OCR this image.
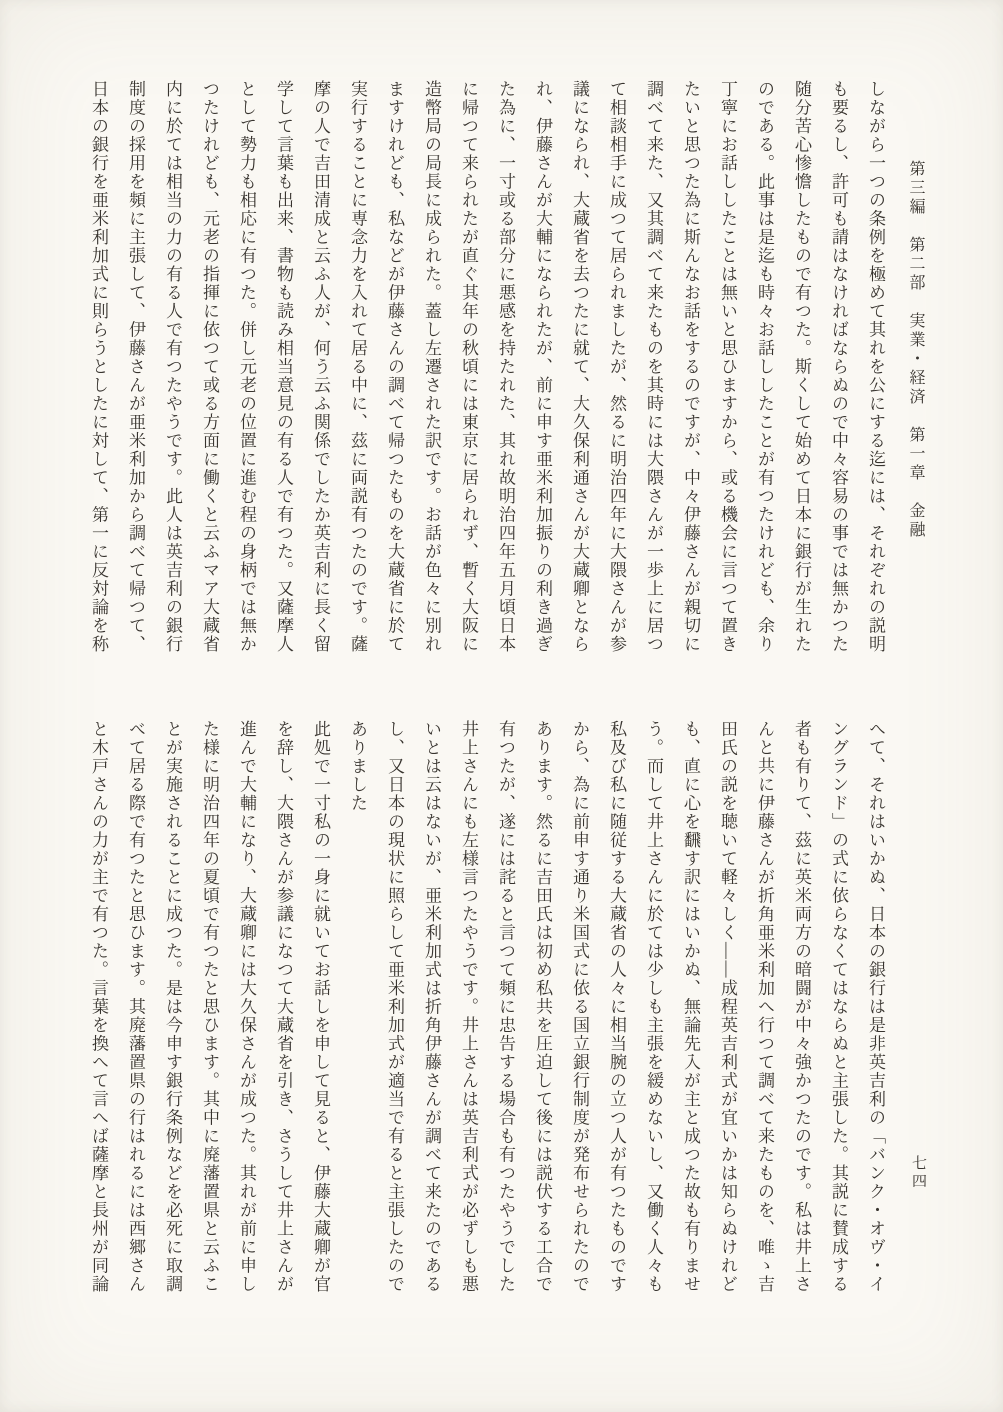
第三編　第二部　実業・経済　第一章　金融
しながら一つの条例を極めて其れを公にする迄には、それぞれの説明
も要るし、許可も請はなければならぬので中々容易の事では無かつた
随分苦心惨憺したもので有つた。斯くして始めて日本に銀行が生れた
のである。此事は是迄も時々お話ししたことが有つたけれども、余り
丁寧にお話ししたことは無いと思ひますから、或る機会に言つて置き
たいと思つた為に斯んなお話をするのですが、中々伊藤さんが親切に
調べて来た、又其調べて来たものを其時には大隈さんが一歩上に居つ
て相談相手に成つて居られましたが、然るに明治四年に大隈さんが参
議になられ、大蔵省を去つたに就て、大久保利通さんが大蔵卿となら
れ、伊藤さんが大輔になられたが、前に申す亜米利加振りの利き過ぎ
た為に、一寸或る部分に悪感を持たれた、其れ故明治四年五月頃日本
に帰つて来られたが直ぐ其年の秋頃には東京に居られず、暫く大阪に
造幣局の局長に成られた。蓋し左遷された訳です。お話が色々に別れ
ますけれども、私などが伊藤さんの調べて帰つたものを大蔵省に於て
実行することに専念力を入れて居る中に、茲に両説有つたのです。薩
摩の人で吉田清成と云ふ人が、何う云ふ関係でしたか英吉利に長く留
学して言葉も出来、書物も読み相当意見の有る人で有つた。又薩摩人
として勢力も相応に有つた。併し元老の位置に進む程の身柄では無か
つたけれども、元老の指揮に依つて或る方面に働くと云ふマア大蔵省
内に於ては相当の力の有る人で有つたやうです。此人は英吉利の銀行
制度の採用を頻に主張して、伊藤さんが亜米利加から調べて帰つて、
日本の銀行を亜米利加式に則らうとしたに対して、第一に反対論を称
へて、それはいかぬ、日本の銀行は是非英吉利の「バンク・オヴ・イ
ングランド」の式に依らなくてはならぬと主張した。其説に賛成する
者も有りて、茲に英米両方の暗闘が中々強かつたのです。私は井上さ
んと共に伊藤さんが折角亜米利加へ行つて調べて来たものを、唯ゝ吉
田氏の説を聴いて軽々しく――成程英吉利式が宜いかは知らぬけれど
も、直に心を飜す訳にはいかぬ、無論先入が主と成つた故も有りませ
う。而して井上さんに於ては少しも主張を緩めないし、又働く人々も
私及び私に随従する大蔵省の人々に相当腕の立つ人が有つたものです
から、為に前申す通り米国式に依る国立銀行制度が発布せられたので
あります。然るに吉田氏は初め私共を圧迫して後には説伏する工合で
有つたが、遂には詫ると言つて頻に忠告する場合も有つたやうでした
井上さんにも左様言つたやうです。井上さんは英吉利式が必ずしも悪
いとは云はないが、亜米利加式は折角伊藤さんが調べて来たのである
し、又日本の現状に照らして亜米利加式が適当で有ると主張したので
ありました
此処で一寸私の一身に就いてお話しを申して見ると、伊藤大蔵卿が官
を辞し、大隈さんが参議になつて大蔵省を引き、さうして井上さんが
進んで大輔になり、大蔵卿には大久保さんが成つた。其れが前に申し
た様に明治四年の夏頃で有つたと思ひます。其中に廃藩置県と云ふこ
とが実施されることに成つた。是は今申す銀行条例などを必死に取調
べて居る際で有つたと思ひます。其廃藩置県の行はれるには西郷さん
と木戸さんの力が主で有つた。言葉を換へて言へば薩摩と長州が同論	七四
